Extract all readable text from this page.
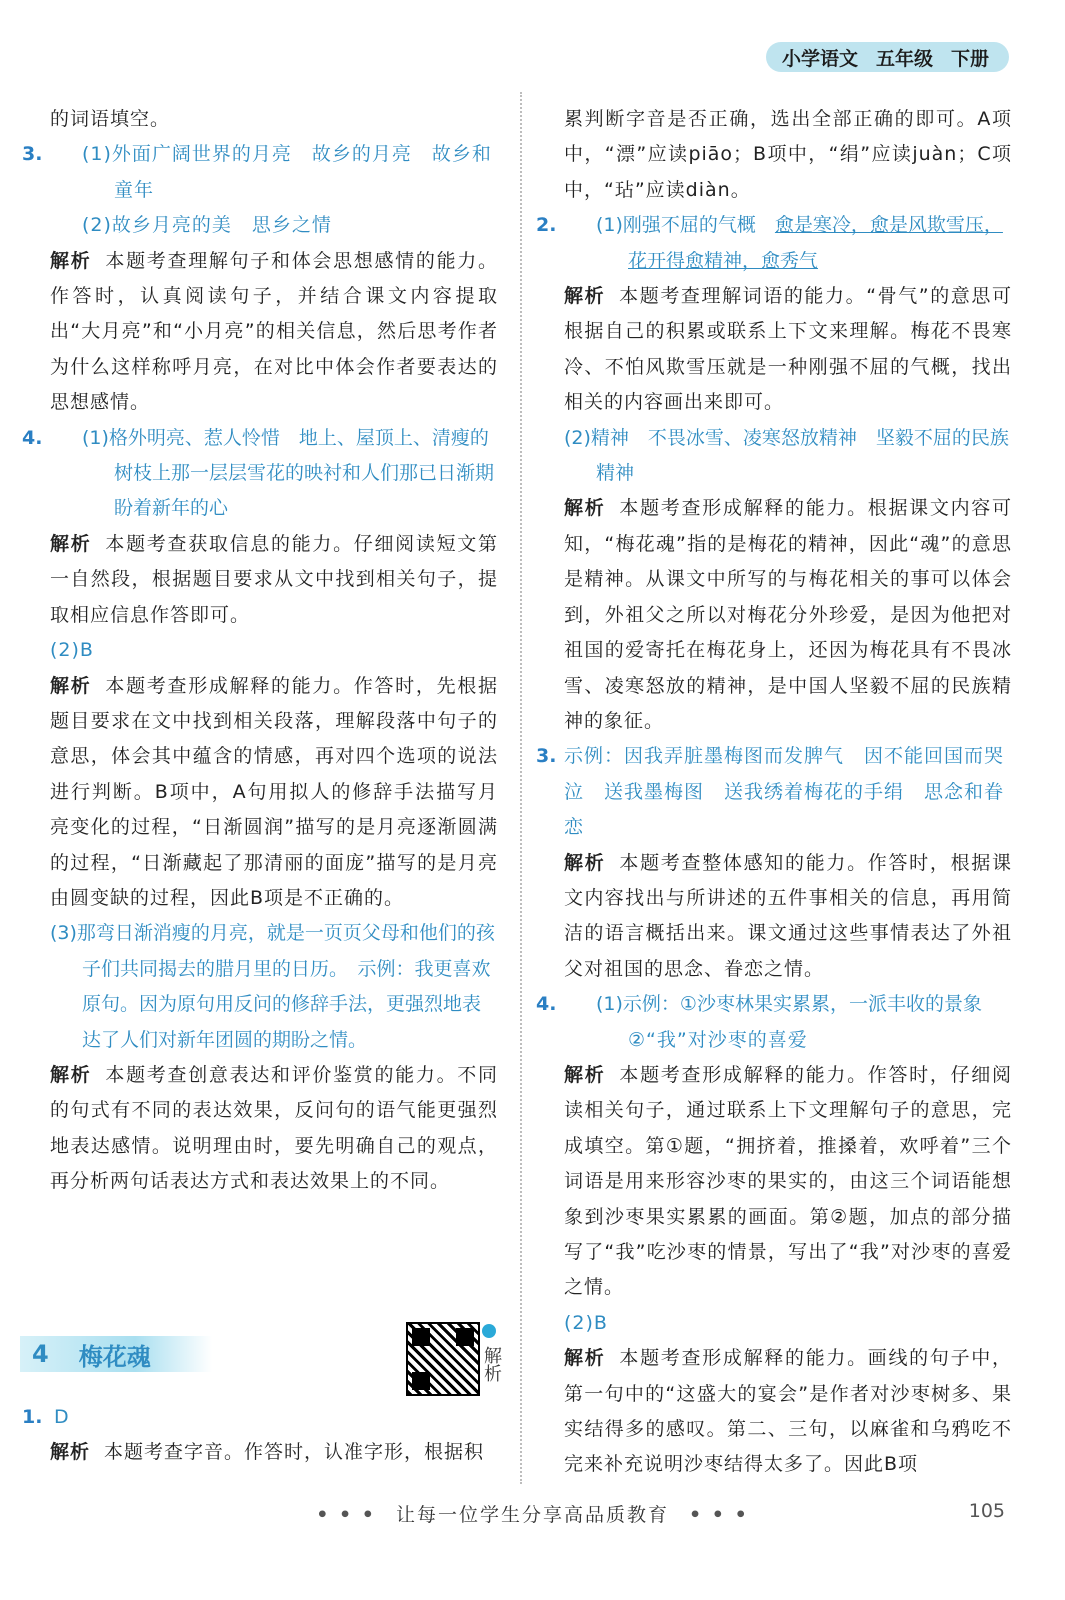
小学语文 五年级 下册

的词语填空。

3. (1)外面广阔世界的月亮　故乡的月亮　故乡和

童年

(2)故乡月亮的美　思乡之情

解析 本题考查理解句子和体会思想感情的能力。作答时，认真阅读句子，并结合课文内容提取出“大月亮”和“小月亮”的相关信息，然后思考作者为什么这样称呼月亮，在对比中体会作者要表达的思想感情。

4. (1)格外明亮、惹人怜惜　地上、屋顶上、清瘦的树枝上那一层层雪花的映衬和人们那已日渐期盼着新年的心

解析 本题考查获取信息的能力。仔细阅读短文第一自然段，根据题目要求从文中找到相关句子，提取相应信息作答即可。

(2)B

解析 本题考查形成解释的能力。作答时，先根据题目要求在文中找到相关段落，理解段落中句子的意思，体会其中蕴含的情感，再对四个选项的说法进行判断。B项中，A句用拟人的修辞手法描写月亮变化的过程，“日渐圆润”描写的是月亮逐渐圆满的过程，“日渐藏起了那清丽的面庞”描写的是月亮由圆变缺的过程，因此B项是不正确的。

(3)那弯日渐消瘦的月亮，就是一页页父母和他们的孩子们共同揭去的腊月里的日历。　示例：我更喜欢原句。因为原句用反问的修辞手法，更强烈地表达了人们对新年团圆的期盼之情。

解析 本题考查创意表达和评价鉴赏的能力。不同的句式有不同的表达效果，反问句的语气能更强烈地表达感情。说明理由时，要先明确自己的观点，再分析两句话表达方式和表达效果上的不同。

4 梅花魂	解析
1. D

解析 本题考查字音。作答时，认准字形，根据积

累判断字音是否正确，选出全部正确的即可。A项中，“漂”应读piāo；B项中，“绢”应读juàn；C项中，“玷”应读diàn。

2. (1)刚强不屈的气概　愈是寒冷，愈是风欺雪压，花开得愈精神，愈秀气

解析 本题考查理解词语的能力。“骨气”的意思可根据自己的积累或联系上下文来理解。梅花不畏寒冷、不怕风欺雪压就是一种刚强不屈的气概，找出相关的内容画出来即可。

(2)精神　不畏冰雪、凌寒怒放精神　坚毅不屈的民族精神

解析 本题考查形成解释的能力。根据课文内容可知，“梅花魂”指的是梅花的精神，因此“魂”的意思是精神。从课文中所写的与梅花相关的事可以体会到，外祖父之所以对梅花分外珍爱，是因为他把对祖国的爱寄托在梅花身上，还因为梅花具有不畏冰雪、凌寒怒放的精神，是中国人坚毅不屈的民族精神的象征。

3. 示例：因我弄脏墨梅图而发脾气　因不能回国而哭泣　送我墨梅图　送我绣着梅花的手绢　思念和眷恋

解析 本题考查整体感知的能力。作答时，根据课文内容找出与所讲述的五件事相关的信息，再用简洁的语言概括出来。课文通过这些事情表达了外祖父对祖国的思念、眷恋之情。

4. (1)示例：①沙枣林果实累累，一派丰收的景象

②“我”对沙枣的喜爱

解析 本题考查形成解释的能力。作答时，仔细阅读相关句子，通过联系上下文理解句子的意思，完成填空。第①题，“拥挤着，推搡着，欢呼着”三个词语是用来形容沙枣的果实的，由这三个词语能想象到沙枣果实累累的画面。第②题，加点的部分描写了“我”吃沙枣的情景，写出了“我”对沙枣的喜爱之情。

(2)B

解析 本题考查形成解释的能力。画线的句子中，第一句中的“这盛大的宴会”是作者对沙枣树多、果实结得多的感叹。第二、三句，以麻雀和乌鸦吃不完来补充说明沙枣结得太多了。因此B项

• • • 让每一位学生分享高品质教育 • • •	105
